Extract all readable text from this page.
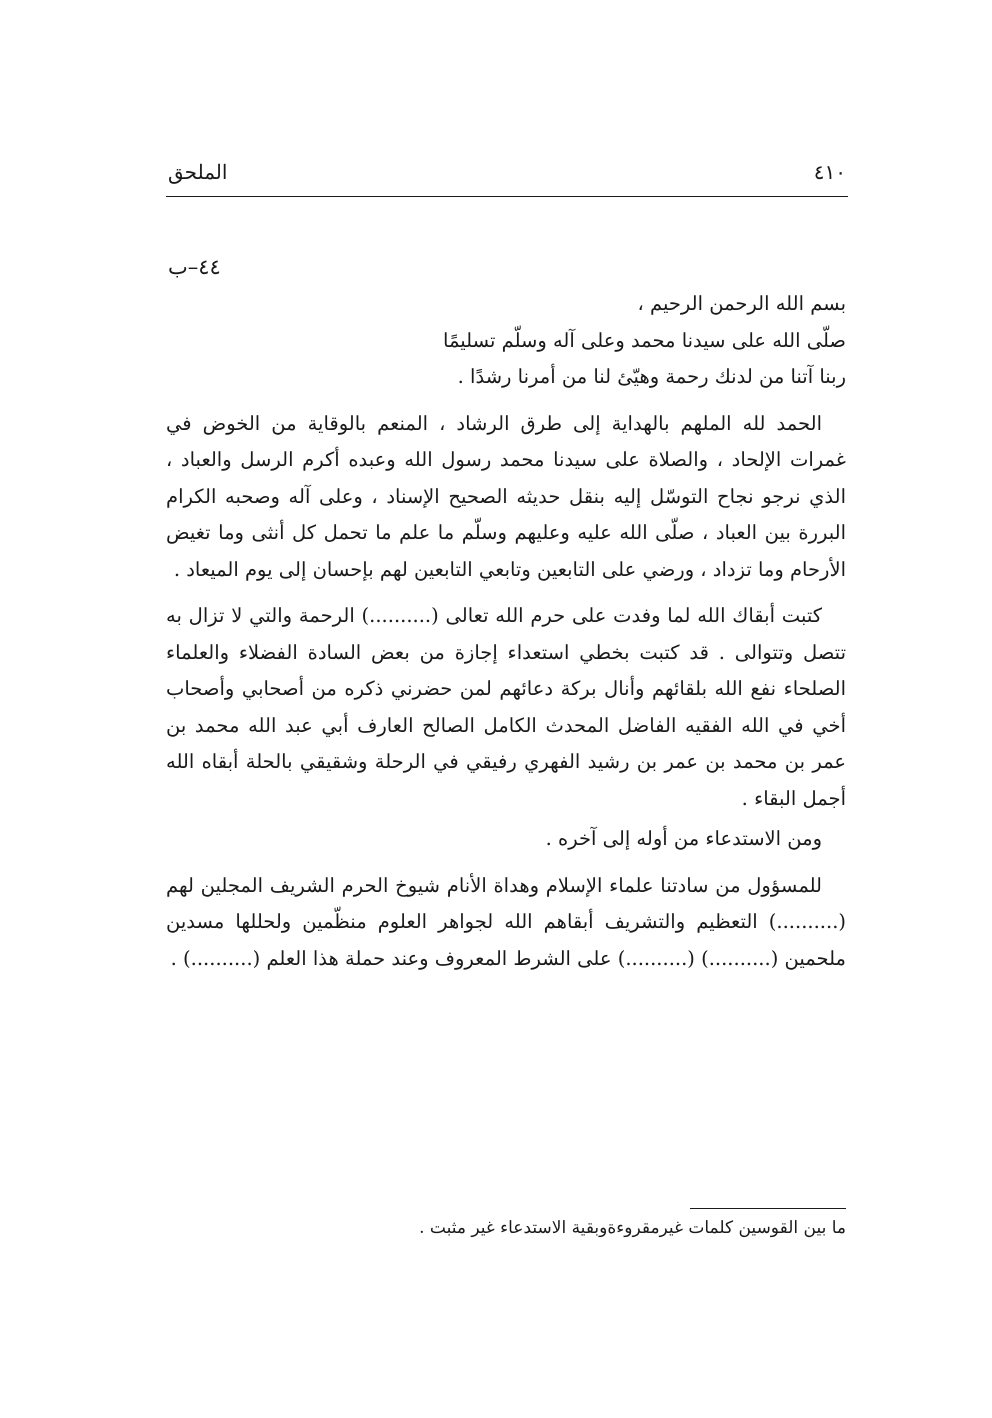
٤١٠
الملحق
٤٤–ب
بسم الله الرحمن الرحيم ،
صلّى الله على سيدنا محمد وعلى آله وسلّم تسليمًا
ربنا آتنا من لدنك رحمة وهيّئ لنا من أمرنا رشدًا .

الحمد لله الملهم بالهداية إلى طرق الرشاد ، المنعم بالوقاية من الخوض في غمرات الإلحاد ، والصلاة على سيدنا محمد رسول الله وعبده أكرم الرسل والعباد ، الذي نرجو نجاح التوسّل إليه بنقل حديثه الصحيح الإسناد ، وعلى آله وصحبه الكرام البررة بين العباد ، صلّى الله عليه وعليهم وسلّم ما علم ما تحمل كل أنثى وما تغيض الأرحام وما تزداد ، ورضي على التابعين وتابعي التابعين لهم بإحسان إلى يوم الميعاد .

كتبت أبقاك الله لما وفدت على حرم الله تعالى (..........) الرحمة والتي لا تزال به تتصل وتتوالى . قد كتبت بخطي استعداء إجازة من بعض السادة الفضلاء والعلماء الصلحاء نفع الله بلقائهم وأنال بركة دعائهم لمن حضرني ذكره من أصحابي وأصحاب أخي في الله الفقيه الفاضل المحدث الكامل الصالح العارف أبي عبد الله محمد بن عمر بن محمد بن عمر بن رشيد الفهري رفيقي في الرحلة وشقيقي بالحلة أبقاه الله أجمل البقاء .

ومن الاستدعاء من أوله إلى آخره .

للمسؤول من سادتنا علماء الإسلام وهداة الأنام شيوخ الحرم الشريف المجلين لهم (..........) التعظيم والتشريف أبقاهم الله لجواهر العلوم منظّمين ولحللها مسدين ملحمين (..........) (..........) على الشرط المعروف وعند حملة هذا العلم (..........) .

ما بين القوسين كلمات غيرمقروءةوبقية الاستدعاء غير مثبت .
